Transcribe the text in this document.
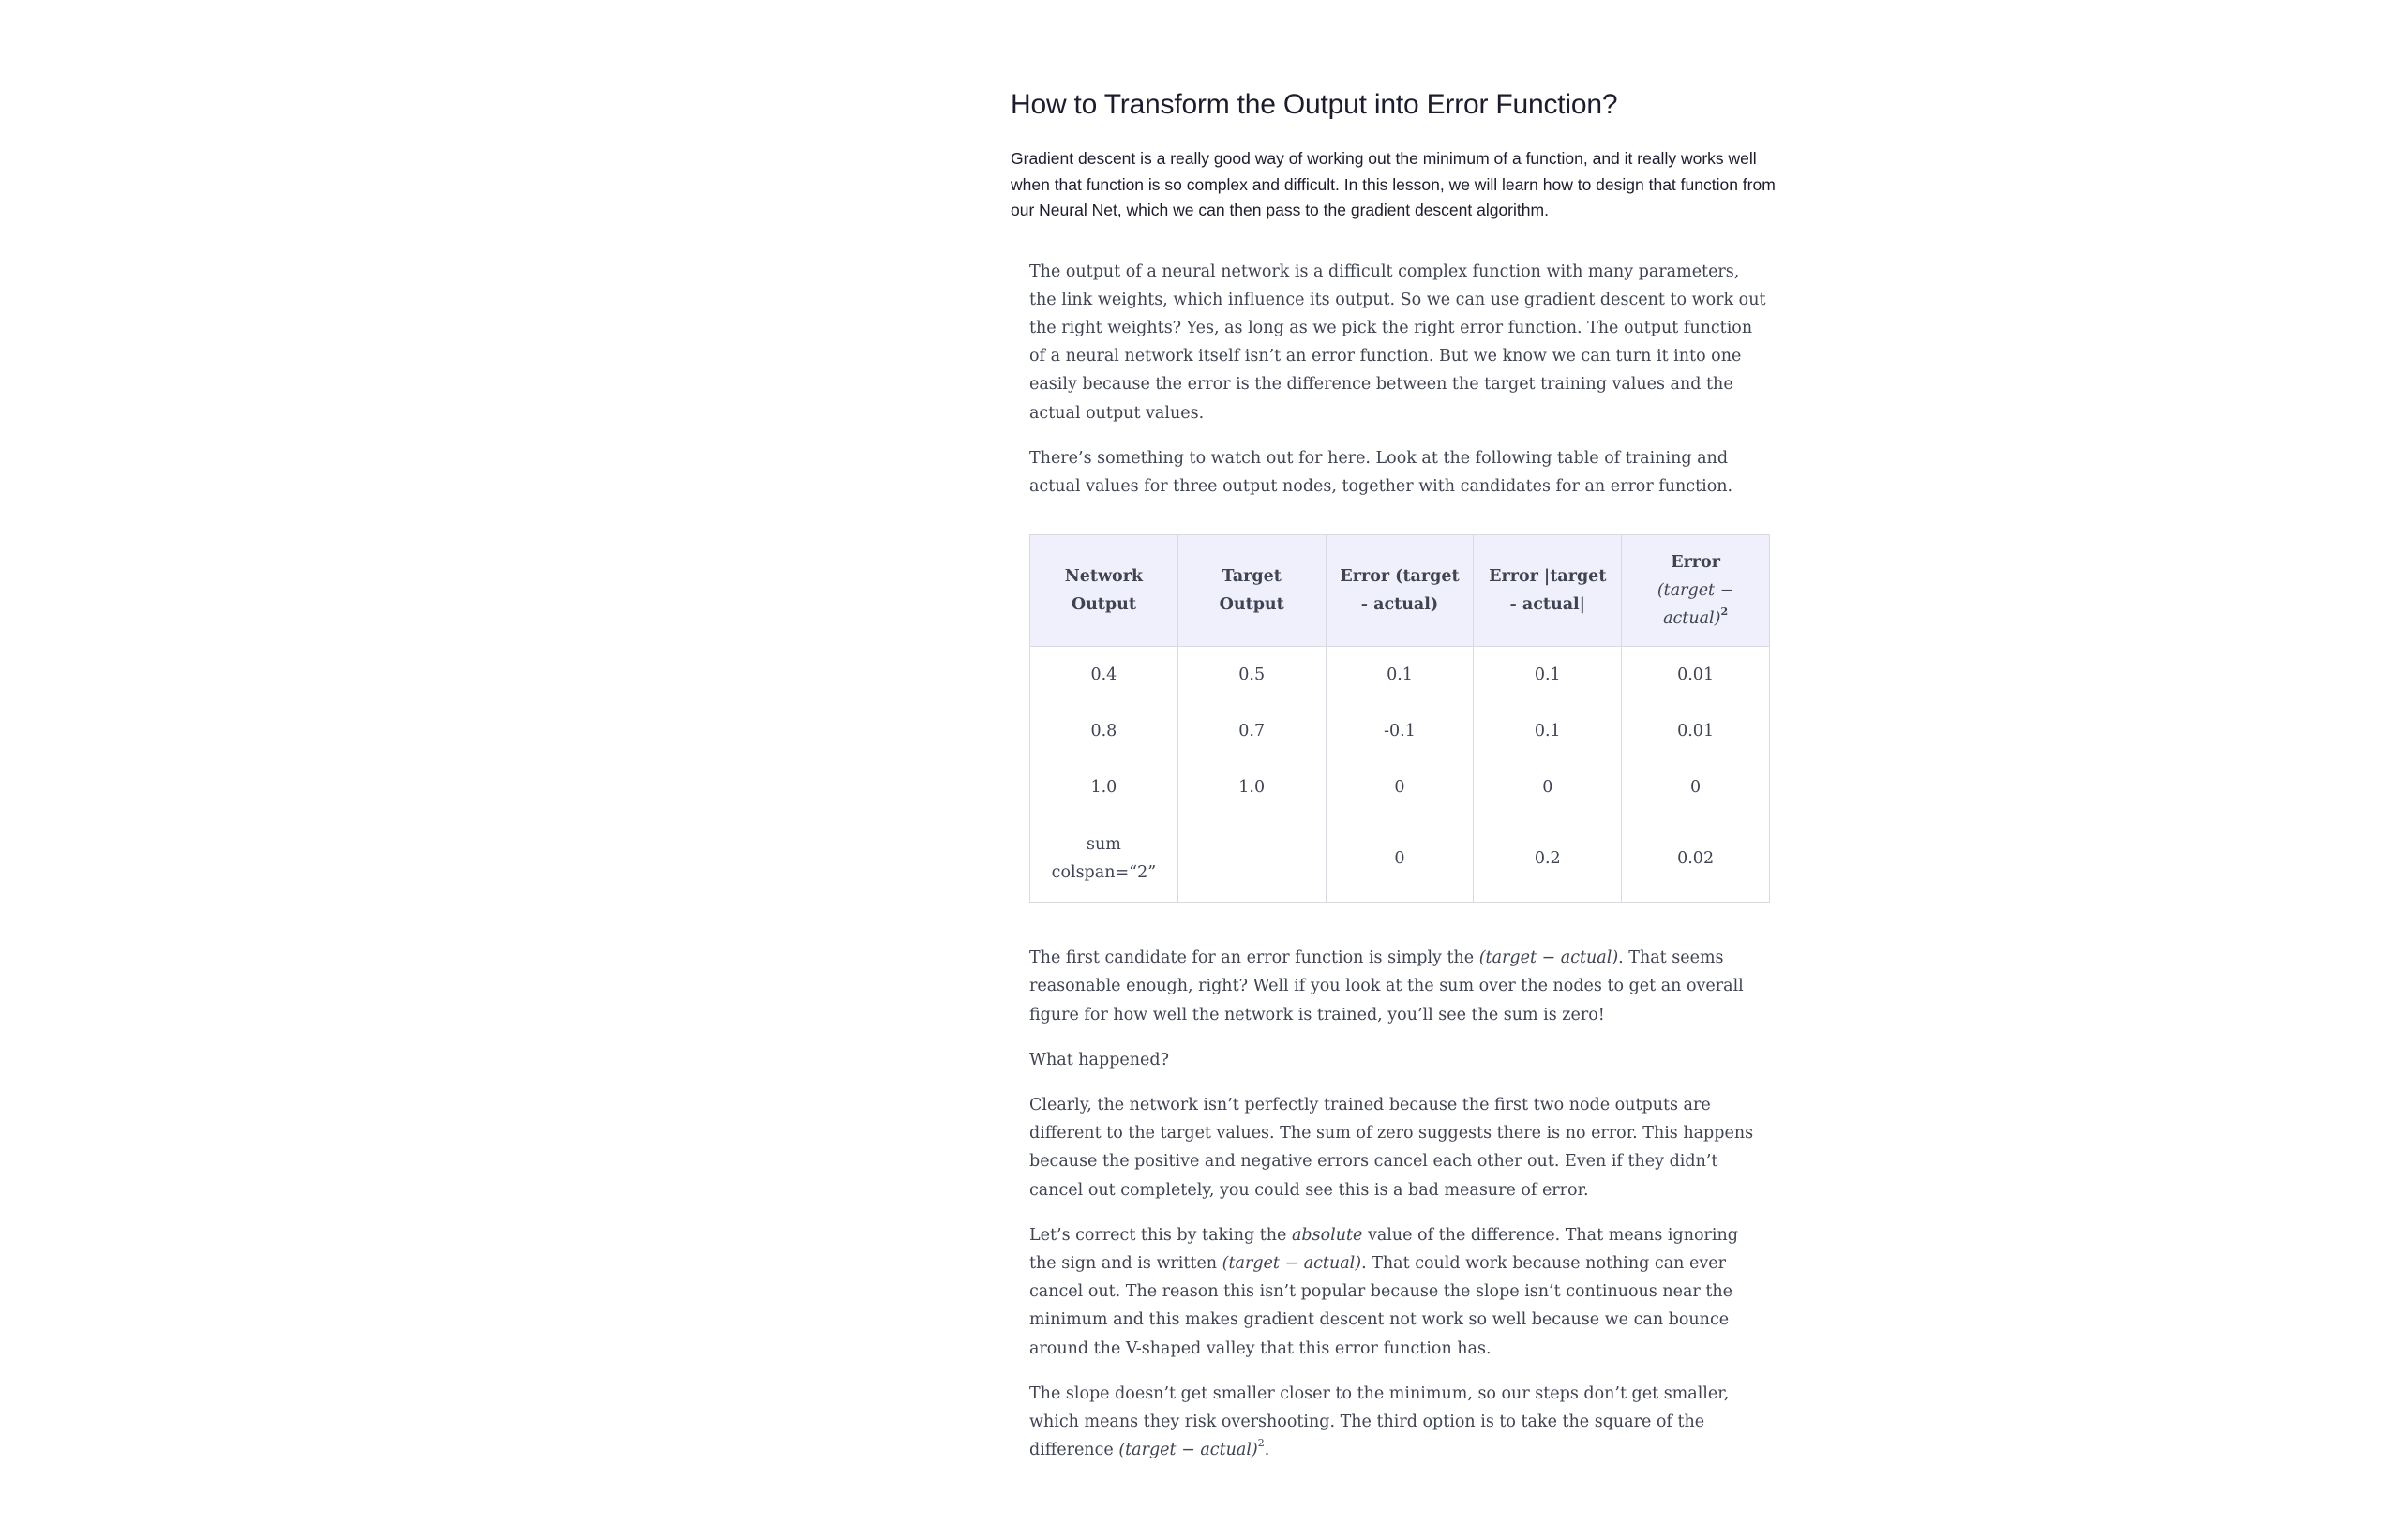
How to Transform the Output into Error Function?

Gradient descent is a really good way of working out the minimum of a function, and it really works well when that function is so complex and difficult. In this lesson, we will learn how to design that function from our Neural Net, which we can then pass to the gradient descent algorithm.

The output of a neural network is a difficult complex function with many parameters, the link weights, which influence its output. So we can use gradient descent to work out the right weights? Yes, as long as we pick the right error function. The output function of a neural network itself isn’t an error function. But we know we can turn it into one easily because the error is the difference between the target training values and the actual output values.

There’s something to watch out for here. Look at the following table of training and actual values for three output nodes, together with candidates for an error function.

Network Output	Target Output	Error (target - actual)	Error |target - actual|	Error
(target − actual)$^2$
0.4	0.5	0.1	0.1	0.01
0.8	0.7	-0.1	0.1	0.01
1.0	1.0	0	0	0
sum colspan=“2”		0	0.2	0.02

The first candidate for an error function is simply the (target − actual). That seems reasonable enough, right? Well if you look at the sum over the nodes to get an overall figure for how well the network is trained, you’ll see the sum is zero!

What happened?

Clearly, the network isn’t perfectly trained because the first two node outputs are different to the target values. The sum of zero suggests there is no error. This happens because the positive and negative errors cancel each other out. Even if they didn’t cancel out completely, you could see this is a bad measure of error.

Let’s correct this by taking the absolute value of the difference. That means ignoring the sign and is written (target − actual). That could work because nothing can ever cancel out. The reason this isn’t popular because the slope isn’t continuous near the minimum and this makes gradient descent not work so well because we can bounce around the V-shaped valley that this error function has.

The slope doesn’t get smaller closer to the minimum, so our steps don’t get smaller, which means they risk overshooting. The third option is to take the square of the difference (target − actual)$^2$.
